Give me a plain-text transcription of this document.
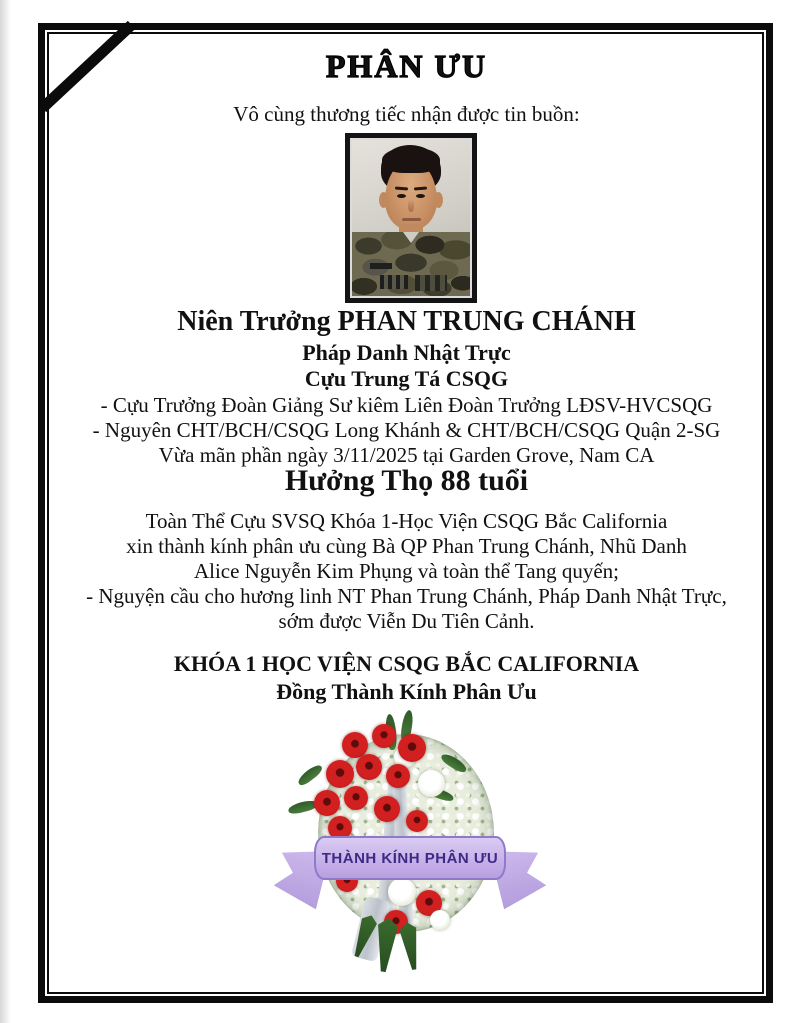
PHÂN ƯU
Vô cùng thương tiếc nhận được tin buồn:
Niên Trưởng PHAN TRUNG CHÁNH
Pháp Danh Nhật Trực
Cựu Trung Tá CSQG
- Cựu Trưởng Đoàn Giảng Sư kiêm Liên Đoàn Trưởng LĐSV-HVCSQG
- Nguyên CHT/BCH/CSQG Long Khánh & CHT/BCH/CSQG Quận 2-SG
Vừa mãn phần ngày 3/11/2025 tại Garden Grove, Nam CA
Hưởng Thọ 88 tuổi
Toàn Thể Cựu SVSQ Khóa 1-Học Viện CSQG Bắc California
xin thành kính phân ưu cùng Bà QP Phan Trung Chánh, Nhũ Danh
Alice Nguyễn Kim Phụng và toàn thể Tang quyến;
- Nguyện cầu cho hương linh NT Phan Trung Chánh, Pháp Danh Nhật Trực,
sớm được Viễn Du Tiên Cảnh.
KHÓA 1 HỌC VIỆN CSQG BẮC CALIFORNIA
Đồng Thành Kính Phân Ưu
THÀNH KÍNH PHÂN ƯU
